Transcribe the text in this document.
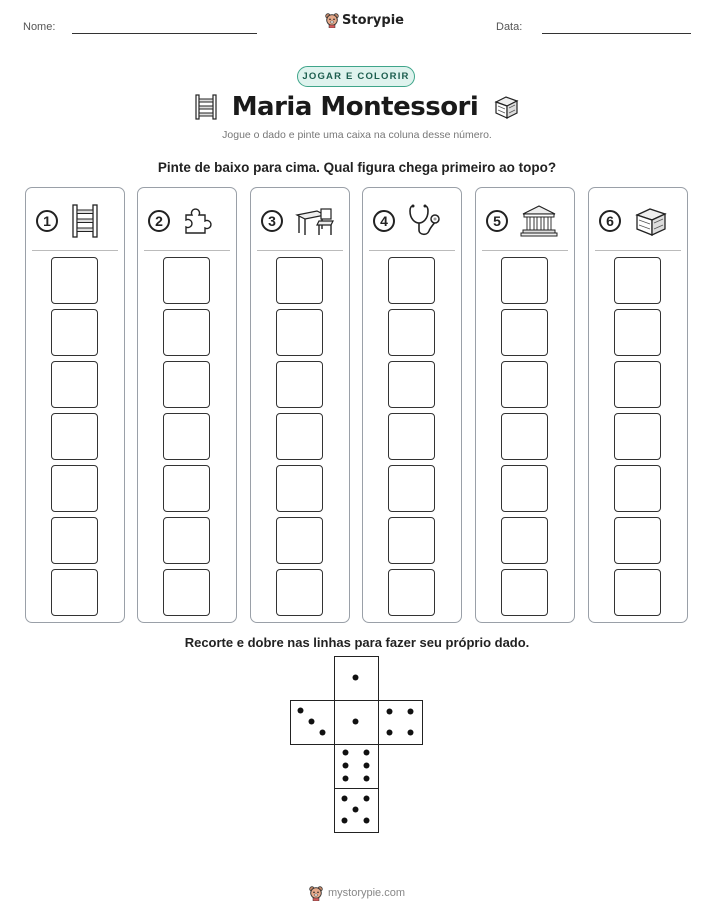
Nome:	Storypie	Data:
JOGAR E COLORIR
Maria Montessori
Jogue o dado e pinte uma caixa na coluna desse número.
Pinte de baixo para cima. Qual figura chega primeiro ao topo?
1	2	3	4	5	6
Recorte e dobre nas linhas para fazer seu próprio dado.
mystorypie.com
